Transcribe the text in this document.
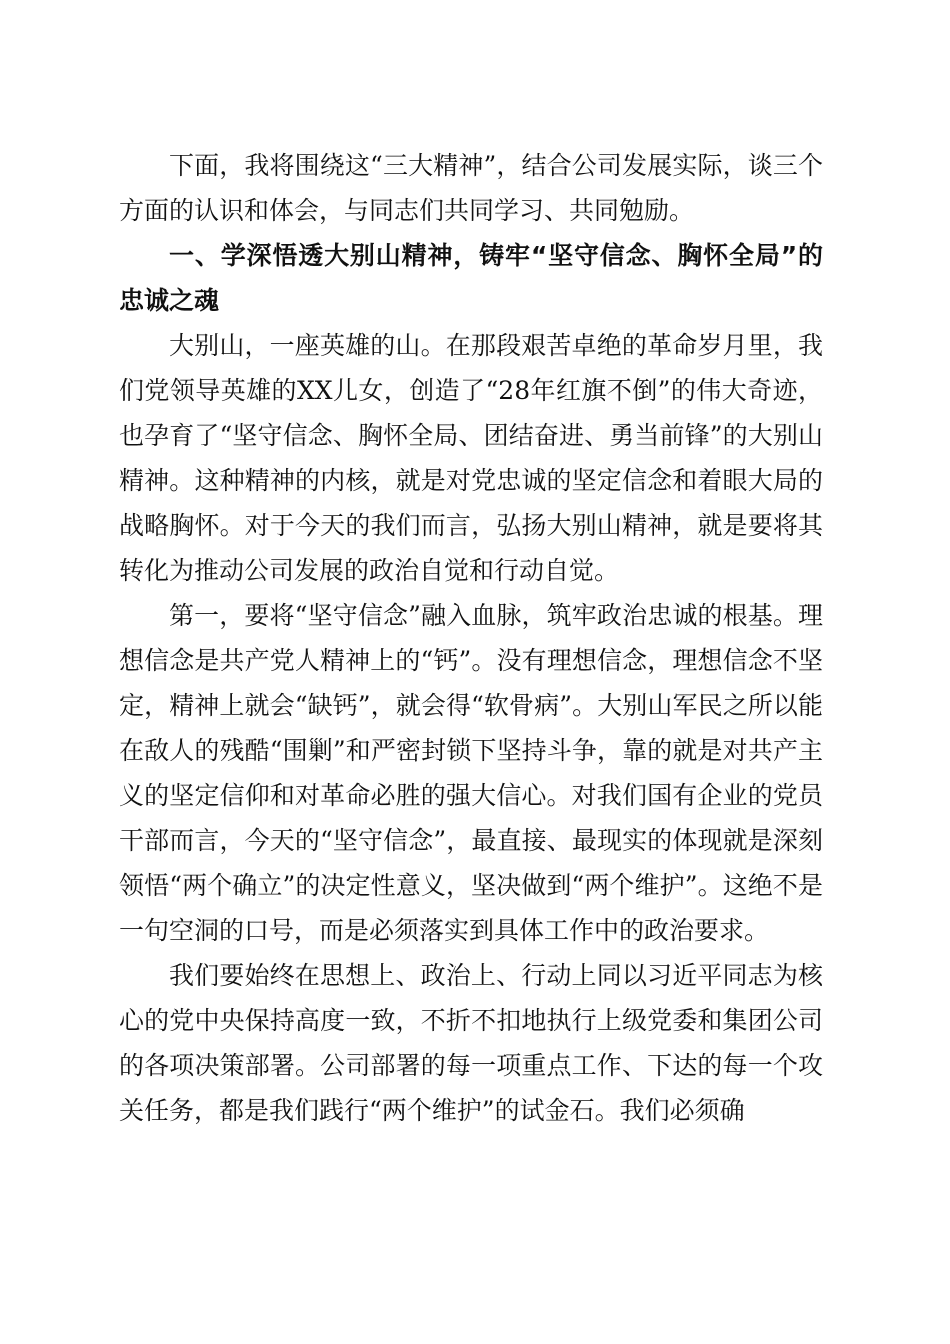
下面，我将围绕这“三大精神”，结合公司发展实际，谈三个方面的认识和体会，与同志们共同学习、共同勉励。

一、学深悟透大别山精神，铸牢“坚守信念、胸怀全局”的忠诚之魂

大别山，一座英雄的山。在那段艰苦卓绝的革命岁月里，我们党领导英雄的XX儿女，创造了“28年红旗不倒”的伟大奇迹，也孕育了“坚守信念、胸怀全局、团结奋进、勇当前锋”的大别山精神。这种精神的内核，就是对党忠诚的坚定信念和着眼大局的战略胸怀。对于今天的我们而言，弘扬大别山精神，就是要将其转化为推动公司发展的政治自觉和行动自觉。

第一，要将“坚守信念”融入血脉，筑牢政治忠诚的根基。理想信念是共产党人精神上的“钙”。没有理想信念，理想信念不坚定，精神上就会“缺钙”，就会得“软骨病”。大别山军民之所以能在敌人的残酷“围剿”和严密封锁下坚持斗争，靠的就是对共产主义的坚定信仰和对革命必胜的强大信心。对我们国有企业的党员干部而言，今天的“坚守信念”，最直接、最现实的体现就是深刻领悟“两个确立”的决定性意义，坚决做到“两个维护”。这绝不是一句空洞的口号，而是必须落实到具体工作中的政治要求。

我们要始终在思想上、政治上、行动上同以习近平同志为核心的党中央保持高度一致，不折不扣地执行上级党委和集团公司的各项决策部署。公司部署的每一项重点工作、下达的每一个攻关任务，都是我们践行“两个维护”的试金石。我们必须确
